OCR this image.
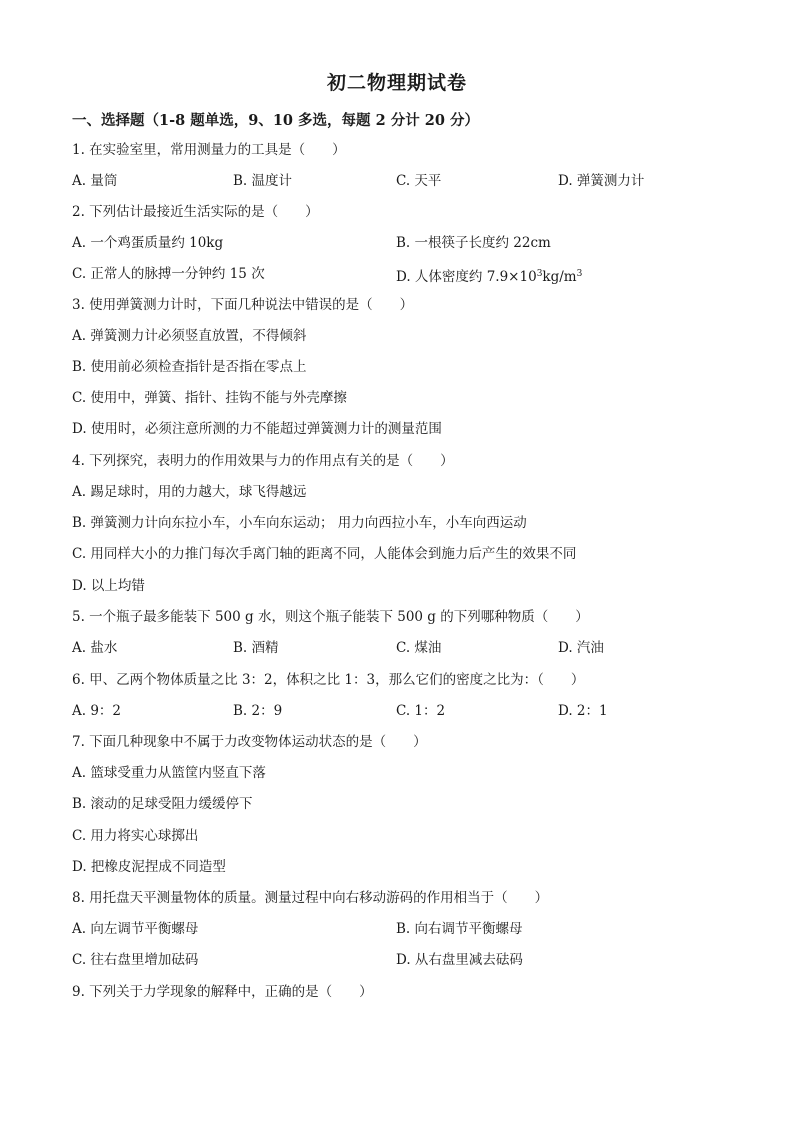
初二物理期试卷
一、选择题（1-8 题单选，9、10 多选，每题 2 分计 20 分）
1. 在实验室里，常用测量力的工具是（　　）
A. 量筒	B. 温度计	C. 天平	D. 弹簧测力计
2. 下列估计最接近生活实际的是（　　）
A. 一个鸡蛋质量约 10kg	B. 一根筷子长度约 22cm
C. 正常人的脉搏一分钟约 15 次	D. 人体密度约 $7.9\times 10^3kg/m^3$
3. 使用弹簧测力计时，下面几种说法中错误的是（　　）
A. 弹簧测力计必须竖直放置，不得倾斜
B. 使用前必须检查指针是否指在零点上
C. 使用中，弹簧、指针、挂钩不能与外壳摩擦
D. 使用时，必须注意所测的力不能超过弹簧测力计的测量范围
4. 下列探究，表明力的作用效果与力的作用点有关的是（　　）
A. 踢足球时，用的力越大，球飞得越远
B. 弹簧测力计向东拉小车，小车向东运动； 用力向西拉小车，小车向西运动
C. 用同样大小的力推门每次手离门轴的距离不同，人能体会到施力后产生的效果不同
D. 以上均错
5. 一个瓶子最多能装下 500 g 水，则这个瓶子能装下 500 g 的下列哪种物质（　　）
A. 盐水	B. 酒精	C. 煤油	D. 汽油
6. 甲、乙两个物体质量之比 3：2，体积之比 1：3，那么它们的密度之比为：（　　）
A. 9：2	B. 2：9	C. 1：2	D. 2：1
7. 下面几种现象中不属于力改变物体运动状态的是（　　）
A. 篮球受重力从篮筐内竖直下落
B. 滚动的足球受阻力缓缓停下
C. 用力将实心球掷出
D. 把橡皮泥捏成不同造型
8. 用托盘天平测量物体的质量。测量过程中向右移动游码的作用相当于（　　）
A. 向左调节平衡螺母	B. 向右调节平衡螺母
C. 往右盘里增加砝码	D. 从右盘里减去砝码
9. 下列关于力学现象的解释中，正确的是（　　）
